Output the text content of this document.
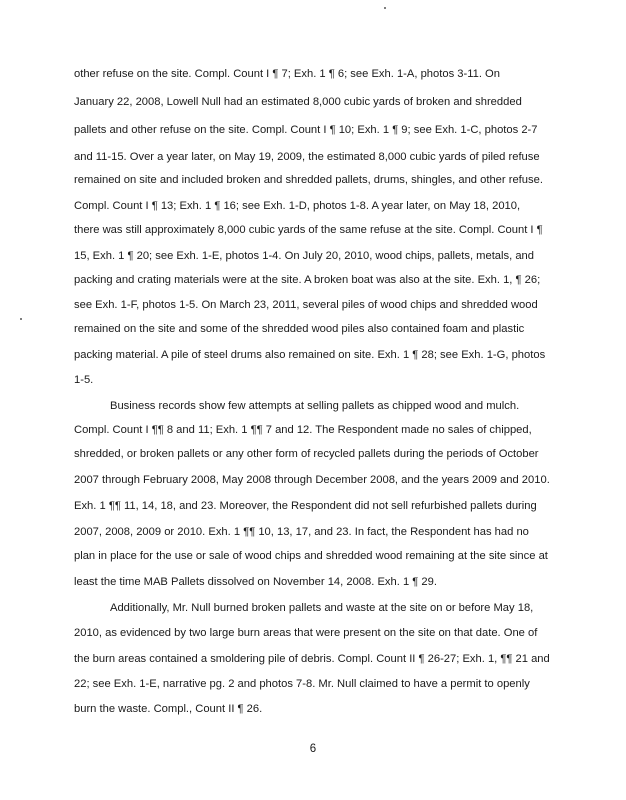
other refuse on the site. Compl. Count I ¶ 7; Exh. 1 ¶ 6; see Exh. 1-A, photos 3-11. On
January 22, 2008, Lowell Null had an estimated 8,000 cubic yards of broken and shredded
pallets and other refuse on the site. Compl. Count I ¶ 10; Exh. 1 ¶ 9; see Exh. 1-C, photos 2-7
and 11-15. Over a year later, on May 19, 2009, the estimated 8,000 cubic yards of piled refuse
remained on site and included broken and shredded pallets, drums, shingles, and other refuse.
Compl. Count I ¶ 13; Exh. 1 ¶ 16; see Exh. 1-D, photos 1-8. A year later, on May 18, 2010,
there was still approximately 8,000 cubic yards of the same refuse at the site. Compl. Count I ¶
15, Exh. 1 ¶ 20; see Exh. 1-E, photos 1-4. On July 20, 2010, wood chips, pallets, metals, and
packing and crating materials were at the site. A broken boat was also at the site. Exh. 1, ¶ 26;
see Exh. 1-F, photos 1-5. On March 23, 2011, several piles of wood chips and shredded wood
remained on the site and some of the shredded wood piles also contained foam and plastic
packing material. A pile of steel drums also remained on site. Exh. 1 ¶ 28; see Exh. 1-G, photos
1-5.
Business records show few attempts at selling pallets as chipped wood and mulch.
Compl. Count I ¶¶ 8 and 11; Exh. 1 ¶¶ 7 and 12. The Respondent made no sales of chipped,
shredded, or broken pallets or any other form of recycled pallets during the periods of October
2007 through February 2008, May 2008 through December 2008, and the years 2009 and 2010.
Exh. 1 ¶¶ 11, 14, 18, and 23. Moreover, the Respondent did not sell refurbished pallets during
2007, 2008, 2009 or 2010. Exh. 1 ¶¶ 10, 13, 17, and 23. In fact, the Respondent has had no
plan in place for the use or sale of wood chips and shredded wood remaining at the site since at
least the time MAB Pallets dissolved on November 14, 2008. Exh. 1 ¶ 29.
Additionally, Mr. Null burned broken pallets and waste at the site on or before May 18,
2010, as evidenced by two large burn areas that were present on the site on that date. One of
the burn areas contained a smoldering pile of debris. Compl. Count II ¶ 26-27; Exh. 1, ¶¶ 21 and
22; see Exh. 1-E, narrative pg. 2 and photos 7-8. Mr. Null claimed to have a permit to openly
burn the waste. Compl., Count II ¶ 26.
6
